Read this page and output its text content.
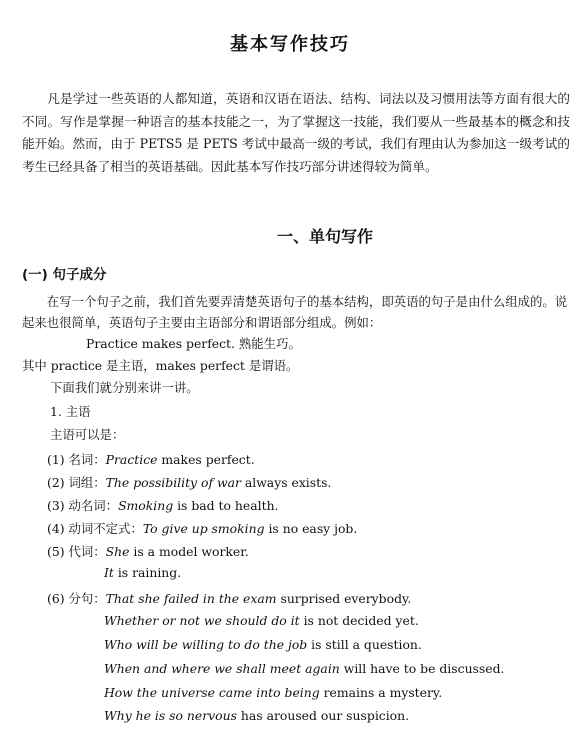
基本写作技巧

凡是学过一些英语的人都知道，英语和汉语在语法、结构、词法以及习惯用法等方面有很大的不同。写作是掌握一种语言的基本技能之一，为了掌握这一技能，我们要从一些最基本的概念和技能开始。然而，由于 PETS5 是 PETS 考试中最高一级的考试，我们有理由认为参加这一级考试的考生已经具备了相当的英语基础。因此基本写作技巧部分讲述得较为简单。

一、单句写作
(一) 句子成分

在写一个句子之前，我们首先要弄清楚英语句子的基本结构，即英语的句子是由什么组成的。说起来也很简单，英语句子主要由主语部分和谓语部分组成。例如：

Practice makes perfect. 熟能生巧。
其中 practice 是主语，makes perfect 是谓语。
下面我们就分别来讲一讲。
1. 主语
主语可以是：
(1) 名词：Practice makes perfect.
(2) 词组：The possibility of war always exists.
(3) 动名词：Smoking is bad to health.
(4) 动词不定式：To give up smoking is no easy job.
(5) 代词：She is a model worker.
It is raining.
(6) 分句：That she failed in the exam surprised everybody.
Whether or not we should do it is not decided yet.
Who will be willing to do the job is still a question.
When and where we shall meet again will have to be discussed.
How the universe came into being remains a mystery.
Why he is so nervous has aroused our suspicion.
